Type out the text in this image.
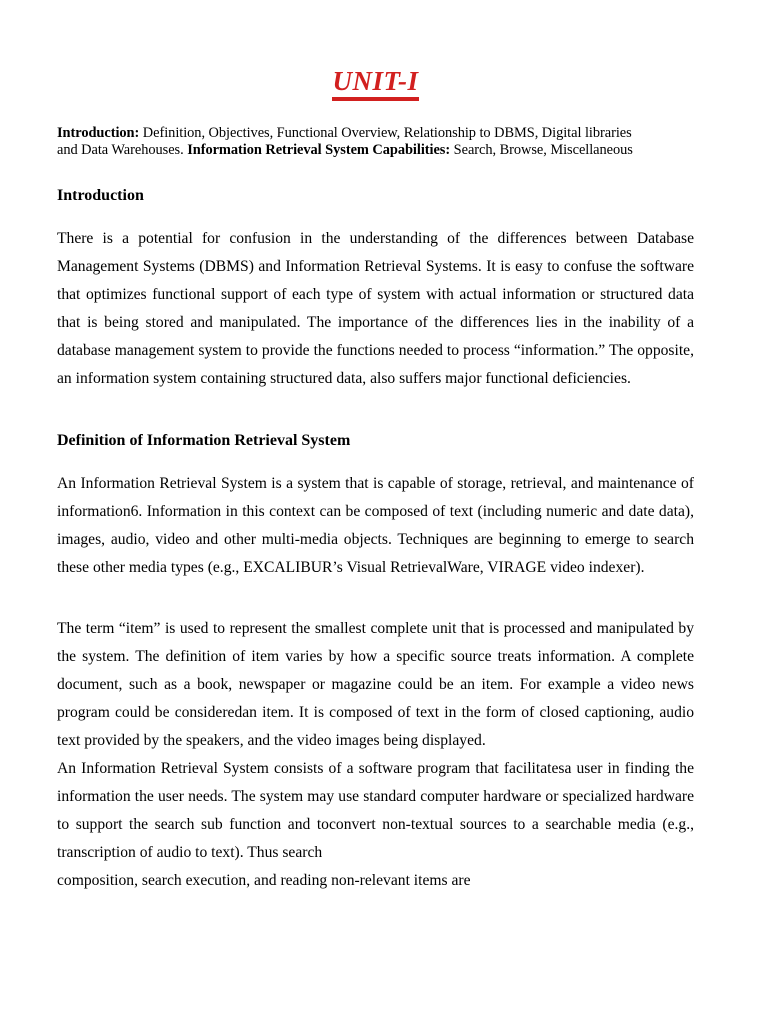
UNIT-I

Introduction: Definition, Objectives, Functional Overview, Relationship to DBMS, Digital libraries and Data Warehouses. Information Retrieval System Capabilities: Search, Browse, Miscellaneous

Introduction

There is a potential for confusion in the understanding of the differences between Database Management Systems (DBMS) and Information Retrieval Systems. It is easy to confuse the software that optimizes functional support of each type of system with actual information or structured data that is being stored and manipulated. The importance of the differences lies in the inability of a database management system to provide the functions needed to process “information.” The opposite, an information system containing structured data, also suffers major functional deficiencies.

Definition of Information Retrieval System

An Information Retrieval System is a system that is capable of storage, retrieval, and maintenance of information6. Information in this context can be composed of text (including numeric and date data), images, audio, video and other multi-media objects. Techniques are beginning to emerge to search these other media types (e.g., EXCALIBUR’s Visual RetrievalWare, VIRAGE video indexer).

The term “item” is used to represent the smallest complete unit that is processed and manipulated by the system. The definition of item varies by how a specific source treats information. A complete document, such as a book, newspaper or magazine could be an item. For example a video news program could be consideredan item. It is composed of text in the form of closed captioning, audio text provided by the speakers, and the video images being displayed.

An Information Retrieval System consists of a software program that facilitatesa user in finding the information the user needs. The system may use standard computer hardware or specialized hardware to support the search sub function and toconvert non-textual sources to a searchable media (e.g., transcription of audio to text). Thus search

composition, search execution, and reading non-relevant items are
